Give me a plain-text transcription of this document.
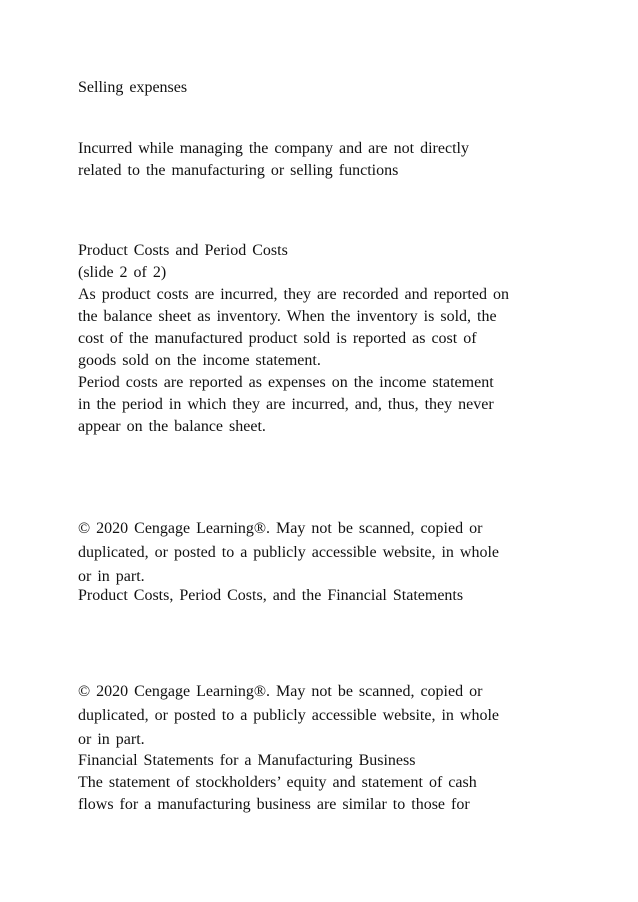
Selling expenses
Incurred while managing the company and are not directly
related to the manufacturing or selling functions
Product Costs and Period Costs
(slide 2 of 2)
As product costs are incurred, they are recorded and reported on
the balance sheet as inventory. When the inventory is sold, the
cost of the manufactured product sold is reported as cost of
goods sold on the income statement.
Period costs are reported as expenses on the income statement
in the period in which they are incurred, and, thus, they never
appear on the balance sheet.
© 2020 Cengage Learning®. May not be scanned, copied or
duplicated, or posted to a publicly accessible website, in whole
or in part.
Product Costs, Period Costs, and the Financial Statements
© 2020 Cengage Learning®. May not be scanned, copied or
duplicated, or posted to a publicly accessible website, in whole
or in part.
Financial Statements for a Manufacturing Business
The statement of stockholders’ equity and statement of cash
flows for a manufacturing business are similar to those for
